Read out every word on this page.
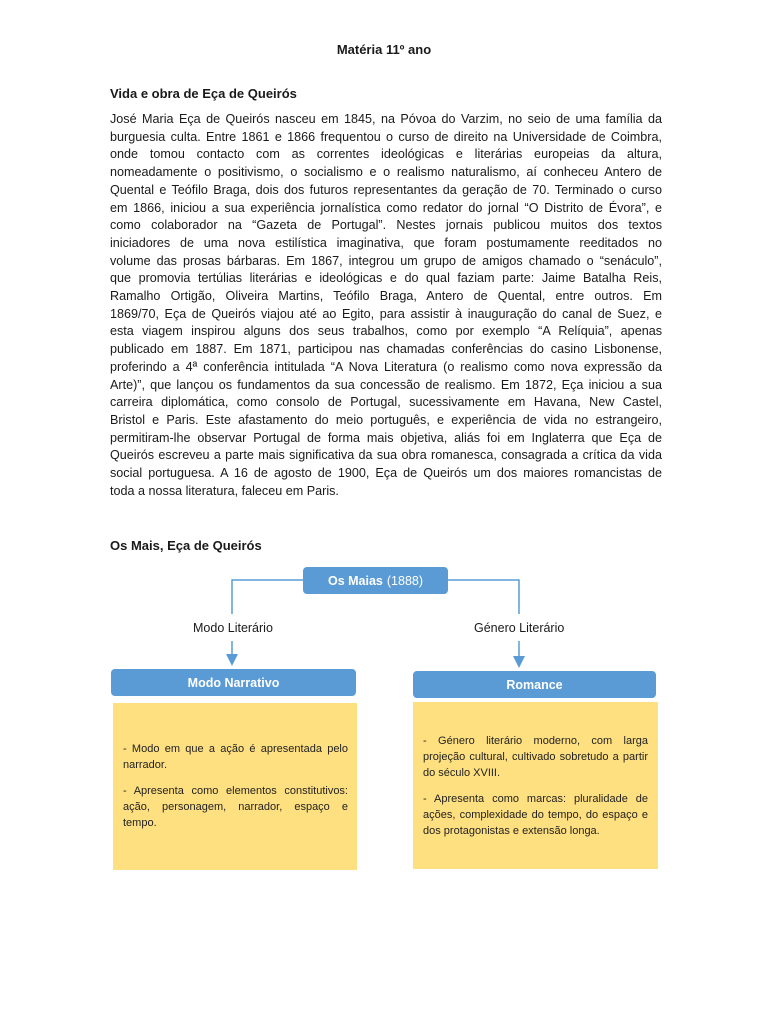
Matéria 11º ano
Vida e obra de Eça de Queirós
José Maria Eça de Queirós nasceu em 1845, na Póvoa do Varzim, no seio de uma família da
burguesia culta. Entre 1861 e 1866 frequentou o curso de direito na Universidade de Coimbra,
onde tomou contacto com as correntes ideológicas e literárias europeias da altura,
nomeadamente o positivismo, o socialismo e o realismo naturalismo, aí conheceu Antero de
Quental e Teófilo Braga, dois dos futuros representantes da geração de 70. Terminado o curso
em 1866, iniciou a sua experiência jornalística como redator do jornal “O Distrito de Évora”, e
como colaborador na “Gazeta de Portugal”. Nestes jornais publicou muitos dos textos
iniciadores de uma nova estilística imaginativa, que foram postumamente reeditados no
volume das prosas bárbaras. Em 1867, integrou um grupo de amigos chamado o “senáculo”,
que promovia tertúlias literárias e ideológicas e do qual faziam parte: Jaime Batalha Reis,
Ramalho Ortigão, Oliveira Martins, Teófilo Braga, Antero de Quental, entre outros. Em
1869/70, Eça de Queirós viajou até ao Egito, para assistir à inauguração do canal de Suez, e
esta viagem inspirou alguns dos seus trabalhos, como por exemplo “A Relíquia”, apenas
publicado em 1887. Em 1871, participou nas chamadas conferências do casino Lisbonense,
proferindo a 4ª conferência intitulada “A Nova Literatura (o realismo como nova expressão da
Arte)”, que lançou os fundamentos da sua concessão de realismo. Em 1872, Eça iniciou a sua
carreira diplomática, como consolo de Portugal, sucessivamente em Havana, New Castel,
Bristol e Paris. Este afastamento do meio português, e experiência de vida no estrangeiro,
permitiram-lhe observar Portugal de forma mais objetiva, aliás foi em Inglaterra que Eça de
Queirós escreveu a parte mais significativa da sua obra romanesca, consagrada a crítica da vida
social portuguesa. A 16 de agosto de 1900, Eça de Queirós um dos maiores romancistas de
toda a nossa literatura, faleceu em Paris.
Os Mais, Eça de Queirós
Os Maias (1888)
Modo Literário	Género Literário
Modo Narrativo	Romance

- Modo em que a ação é apresentada pelo narrador.

- Apresenta como elementos constitutivos: ação, personagem, narrador, espaço e tempo.

- Género literário moderno, com larga projeção cultural, cultivado sobretudo a partir do século XVIII.

- Apresenta como marcas: pluralidade de ações, complexidade do tempo, do espaço e dos protagonistas e extensão longa.
